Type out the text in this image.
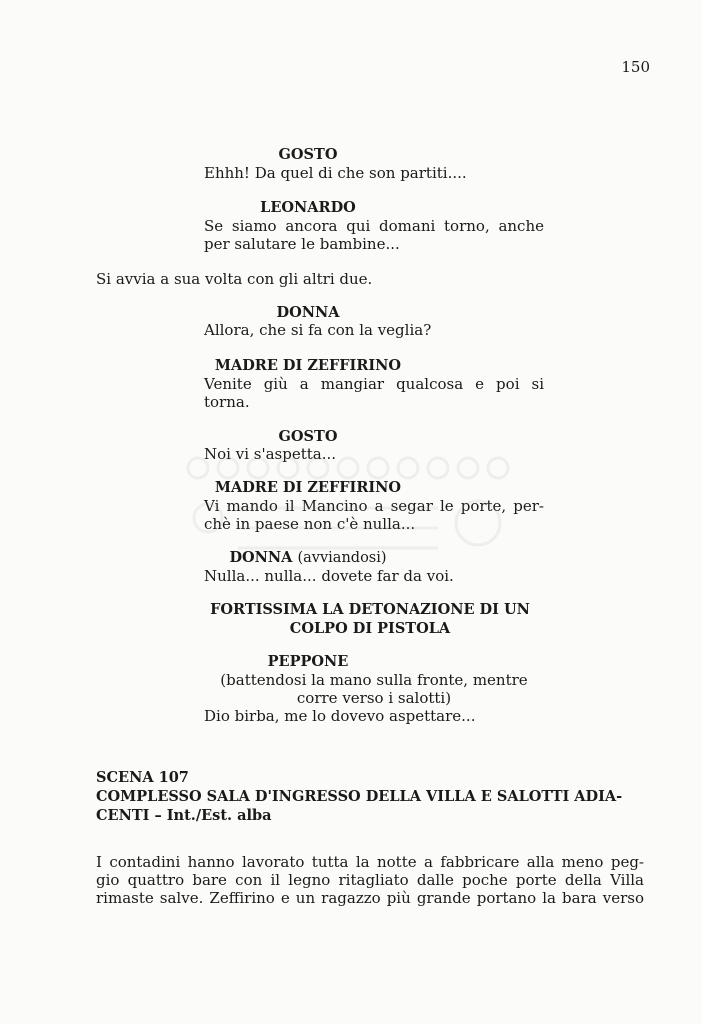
150
GOSTO
Ehhh! Da quel di che son partiti....
LEONARDO
Se siamo ancora qui domani torno, anche
per salutare le bambine...
Si avvia a sua volta con gli altri due.
DONNA
Allora, che si fa con la veglia?
MADRE DI ZEFFIRINO
Venite giù a mangiar qualcosa e poi si
torna.
GOSTO
Noi vi s'aspetta...
MADRE DI ZEFFIRINO
Vi mando il Mancino a segar le porte, per-
chè in paese non c'è nulla...
DONNA (avviandosi)
Nulla... nulla... dovete far da voi.
FORTISSIMA LA DETONAZIONE DI UN
COLPO DI PISTOLA
PEPPONE
(battendosi la mano sulla fronte, mentre
corre verso i salotti)
Dio birba, me lo dovevo aspettare...
SCENA 107
COMPLESSO SALA D'INGRESSO DELLA VILLA E SALOTTI ADIA-
CENTI – Int./Est. alba
I contadini hanno lavorato tutta la notte a fabbricare alla meno peg-
gio quattro bare con il legno ritagliato dalle poche porte della Villa
rimaste salve. Zeffirino e un ragazzo più grande portano la bara verso
